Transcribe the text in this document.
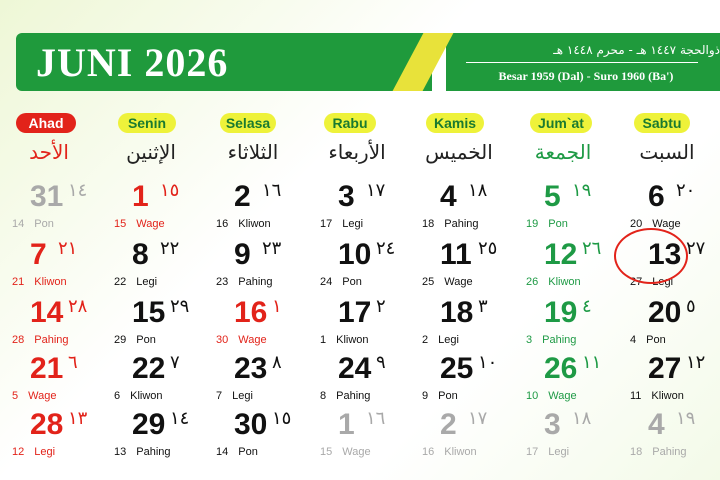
JUNI 2026	ذوالحجة ١٤٤٧ هـ - محرم ١٤٤٨ هـ
Besar 1959 (Dal) - Suro 1960 (Ba')
Ahad
الأحد
Senin
الإثنين
Selasa
الثلاثاء
Rabu
الأربعاء
Kamis
الخميس
Jum`at
الجمعة
Sabtu
السبت
31 ١٤
14 Pon
1 ١٥
15 Wage
2 ١٦
16 Kliwon
3 ١٧
17 Legi
4 ١٨
18 Pahing
5 ١٩
19 Pon
6 ٢٠
20 Wage
7 ٢١
21 Kliwon
8 ٢٢
22 Legi
9 ٢٣
23 Pahing
10 ٢٤
24 Pon
11 ٢٥
25 Wage
12 ٢٦
26 Kliwon
13 ٢٧
27 Legi
14 ٢٨
28 Pahing
15 ٢٩
29 Pon
16 ١
30 Wage
17 ٢
1 Kliwon
18 ٣
2 Legi
19 ٤
3 Pahing
20 ٥
4 Pon
21 ٦
5 Wage
22 ٧
6 Kliwon
23 ٨
7 Legi
24 ٩
8 Pahing
25 ١٠
9 Pon
26 ١١
10 Wage
27 ١٢
11 Kliwon
28 ١٣
12 Legi
29 ١٤
13 Pahing
30 ١٥
14 Pon
1 ١٦
15 Wage
2 ١٧
16 Kliwon
3 ١٨
17 Legi
4 ١٩
18 Pahing
